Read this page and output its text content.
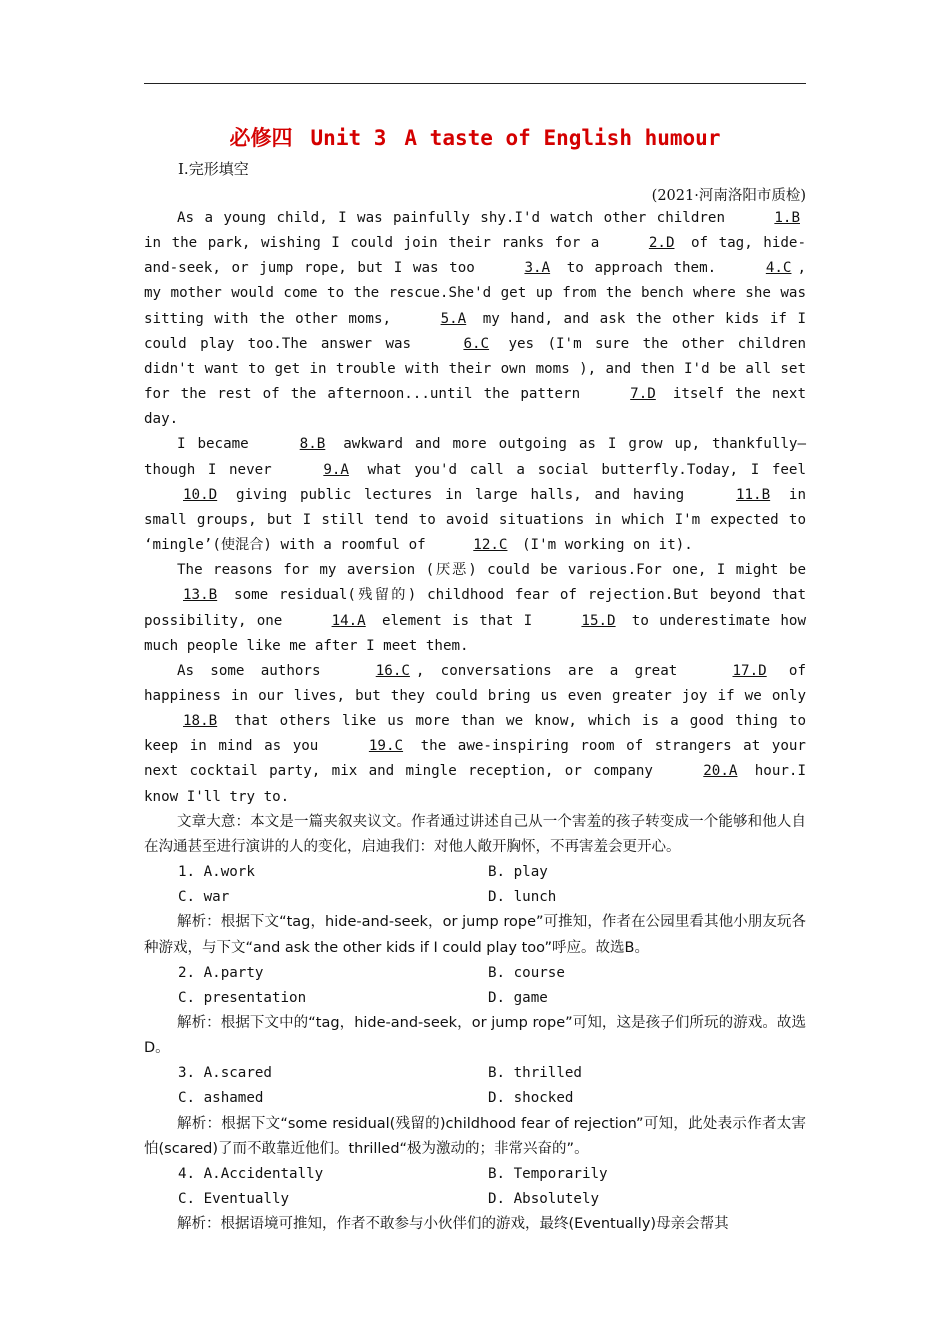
必修四 Unit 3 A taste of English humour
Ⅰ.完形填空
(2021·河南洛阳市质检)

As a young child, I was painfully shy.I'd watch other children	1.B in the park, wishing I could join their ranks for a	2.D of tag, hide-and-seek, or jump rope, but I was too	3.A to approach them.	4.C , my mother would come to the rescue.She'd get up from the bench where she was sitting with the other moms,	5.A my hand, and ask the other kids if I could play too.The answer was	6.C yes (I'm sure the other children didn't want to get in trouble with their own moms ), and then I'd be all set for the rest of the afternoon...until the pattern	7.D itself the next day.

I became	8.B awkward and more outgoing as I grow up, thankfully—though I never	9.A what you'd call a social butterfly.Today, I feel 10.D giving public lectures in large halls, and having	11.B in small groups, but I still tend to avoid situations in which I'm expected to ‘mingle’(使混合) with a roomful of	12.C (I'm working on it).

The reasons for my aversion (厌恶) could be various.For one, I might be 13.B some residual(残留的) childhood fear of rejection.But beyond that possibility, one	14.A element is that I	15.D to underestimate how much people like me after I meet them.

As some authors	16.C , conversations are a great	17.D of happiness in our lives, but they could bring us even greater joy if we only 18.B that others like us more than we know, which is a good thing to keep in mind as you	19.C the awe-inspiring room of strangers at your next cocktail party, mix and mingle reception, or company	20.A hour.I know I'll try to.

文章大意：本文是一篇夹叙夹议文。作者通过讲述自己从一个害羞的孩子转变成一个能够和他人自在沟通甚至进行演讲的人的变化，启迪我们：对他人敞开胸怀，不再害羞会更开心。

1. A.work	B. play
C. war	D. lunch

解析：根据下文“tag，hide-and-seek，or jump rope”可推知，作者在公园里看其他小朋友玩各种游戏，与下文“and ask the other kids if I could play too”呼应。故选B。

2. A.party	B. course
C. presentation	D. game

解析：根据下文中的“tag，hide-and-seek，or jump rope”可知，这是孩子们所玩的游戏。故选D。

3. A.scared	B. thrilled
C. ashamed	D. shocked

解析：根据下文“some residual(残留的)childhood fear of rejection”可知，此处表示作者太害怕(scared)了而不敢靠近他们。thrilled“极为激动的；非常兴奋的”。

4. A.Accidentally	B. Temporarily
C. Eventually	D. Absolutely

解析：根据语境可推知，作者不敢参与小伙伴们的游戏，最终(Eventually)母亲会帮其
